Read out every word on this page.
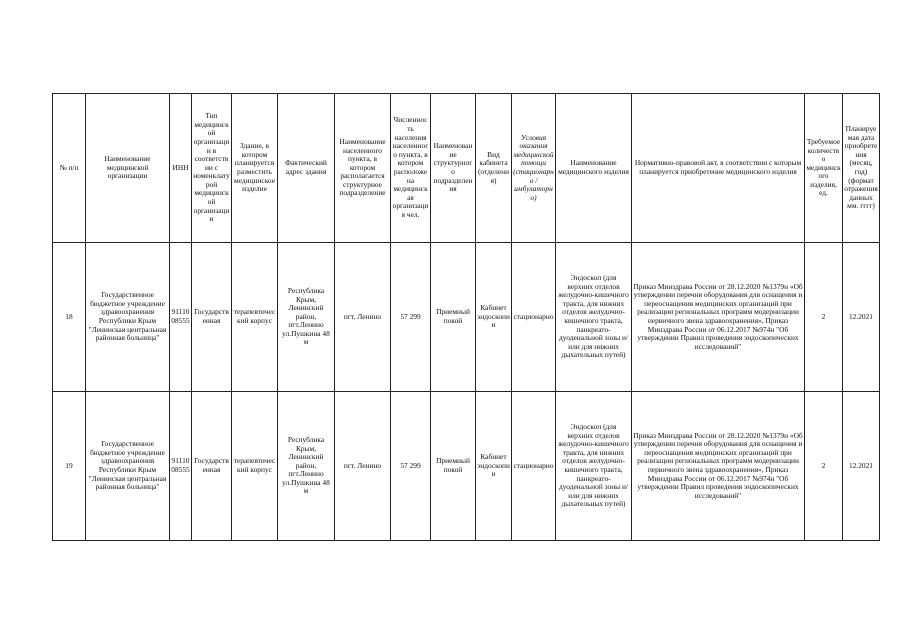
№ п/п	Наименование медицинской организации	ИНН	Тип медицинской организации в соответствии с номенклатурой медицинской организации	Здание, в котором планируется разместить медицинское изделие	Фактический адрес здания	Наименование населенного пункта, в котором располагается структурное подразделение	Численность населения населенного пункта, в котором расположена медицинская организация чел.	Наименование структурного подразделения	Вид кабинета (отделения)	Условия оказания медицинской помощи (стационарно / амбулаторно)	Наименование медицинского изделия	Нормативно-правовой акт, в соответствии с которым планируется приобретение медицинского изделия	Требуемое количество медицинского изделия, ед.	Планируемая дата приобретения (месяц, год) (формат отражения данных мм. гггг)
18	Государственное бюджетное учреждение здравоохранения Республики Крым "Ленинская центральная районная больница"	9111008555	Государственная	терапевтический корпус	Республика Крым, Ленинский район, пгт.Ленино ул.Пушкина 48 м	пгт. Ленино	57 299	Приемный покой	Кабинет эндоскопии	стационарно	Эндоскоп (для верхних отделов желудочно-кишечного тракта, для нижних отделов желудочно-кишечного тракта, панкреато-дуоденальной зоны и/или для нижних дыхательных путей)	Приказ Минздрава России от 28.12.2020 №1379н «Об утверждении перечня оборудования для оснащения и переоснащения медицинских организаций при реализации региональных программ модернизации первичного звена здравоохранения», Приказ Минздрава России от 06.12.2017 №974н "Об утверждении Правил проведения эндоскопических исследований"	2	12.2021
19	Государственное бюджетное учреждение здравоохранения Республики Крым "Ленинская центральная районная больница"	9111008555	Государственная	терапевтический корпус	Республика Крым, Ленинский район, пгт.Ленино ул.Пушкина 48 м	пгт. Ленино	57 299	Приемный покой	Кабинет эндоскопии	стационарно	Эндоскоп (для верхних отделов желудочно-кишечного тракта, для нижних отделов желудочно-кишечного тракта, панкреато-дуоденальной зоны и/или для нижних дыхательных путей)	Приказ Минздрава России от 28.12.2020 №1379н «Об утверждении перечня оборудования для оснащения и переоснащения медицинских организаций при реализации региональных программ модернизации первичного звена здравоохранения», Приказ Минздрава России от 06.12.2017 №974н "Об утверждении Правил проведения эндоскопических исследований"	2	12.2021
